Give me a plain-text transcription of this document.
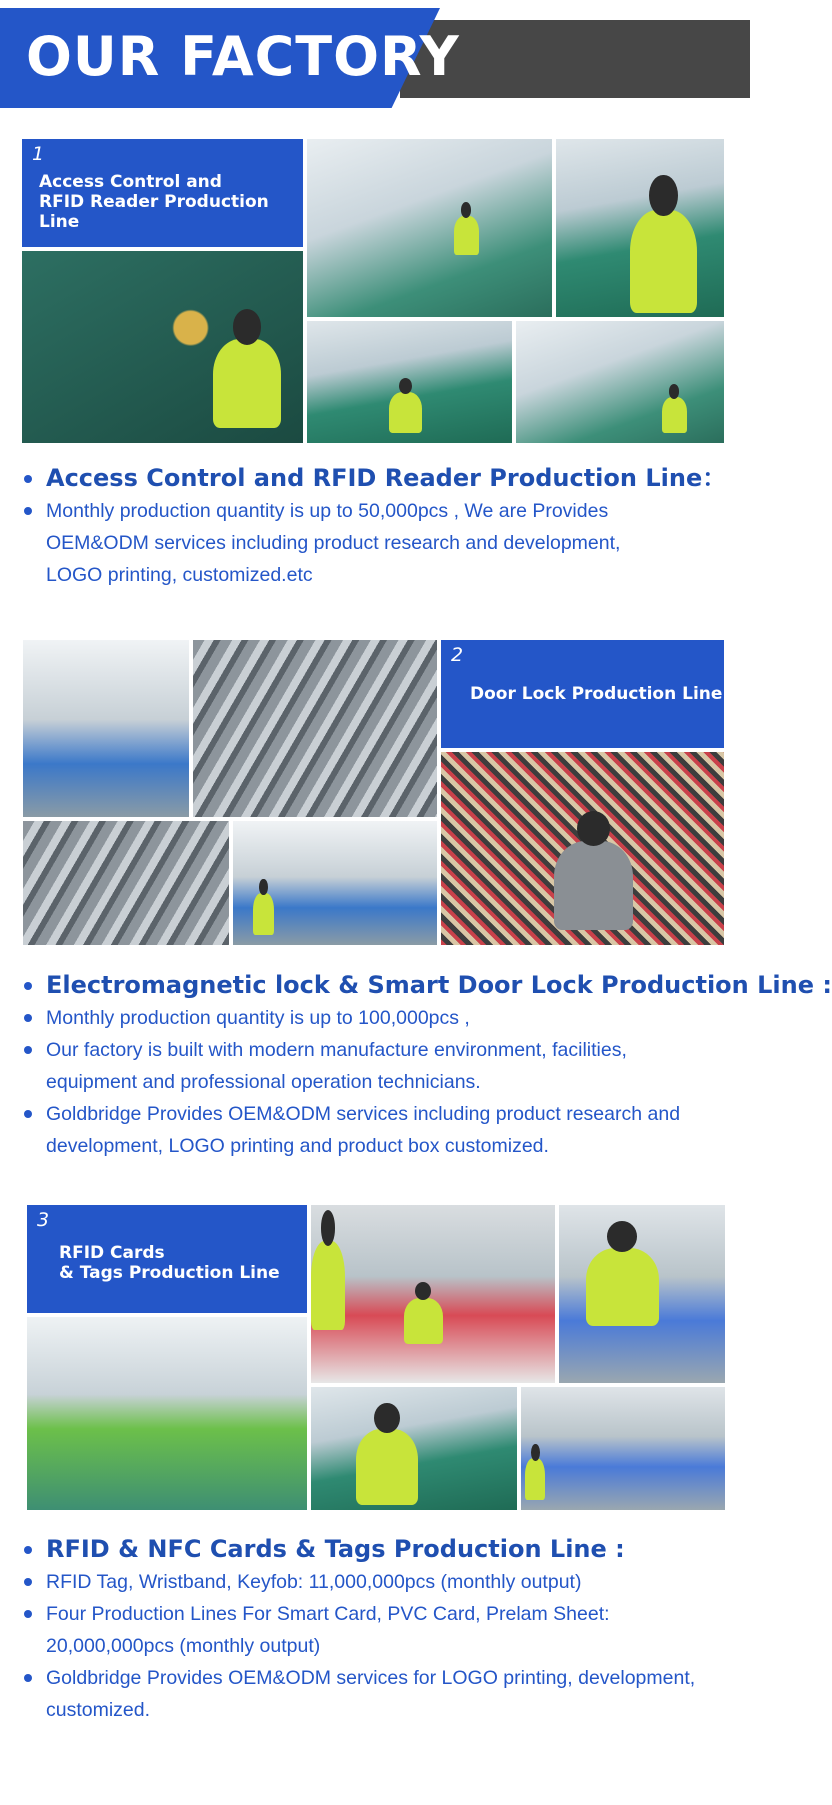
OUR FACTORY
1
Access Control and
RFID Reader Production Line
Access Control and RFID Reader Production Line：
Monthly production quantity is up to 50,000pcs , We are Provides OEM&ODM services including product research and development, LOGO printing, customized.etc
2
Door Lock Production Line
Electromagnetic lock & Smart Door Lock Production Line :
Monthly production quantity is up to 100,000pcs ,
Our factory is built with modern manufacture environment, facilities, equipment and professional operation technicians.
Goldbridge Provides OEM&ODM services including product research and development, LOGO printing and product box customized.
3
RFID Cards
& Tags Production Line
RFID & NFC Cards & Tags Production Line :
RFID Tag, Wristband, Keyfob: 11,000,000pcs (monthly output)
Four Production Lines For Smart Card, PVC Card, Prelam Sheet: 20,000,000pcs (monthly output)
Goldbridge Provides OEM&ODM services for LOGO printing, development, customized.
